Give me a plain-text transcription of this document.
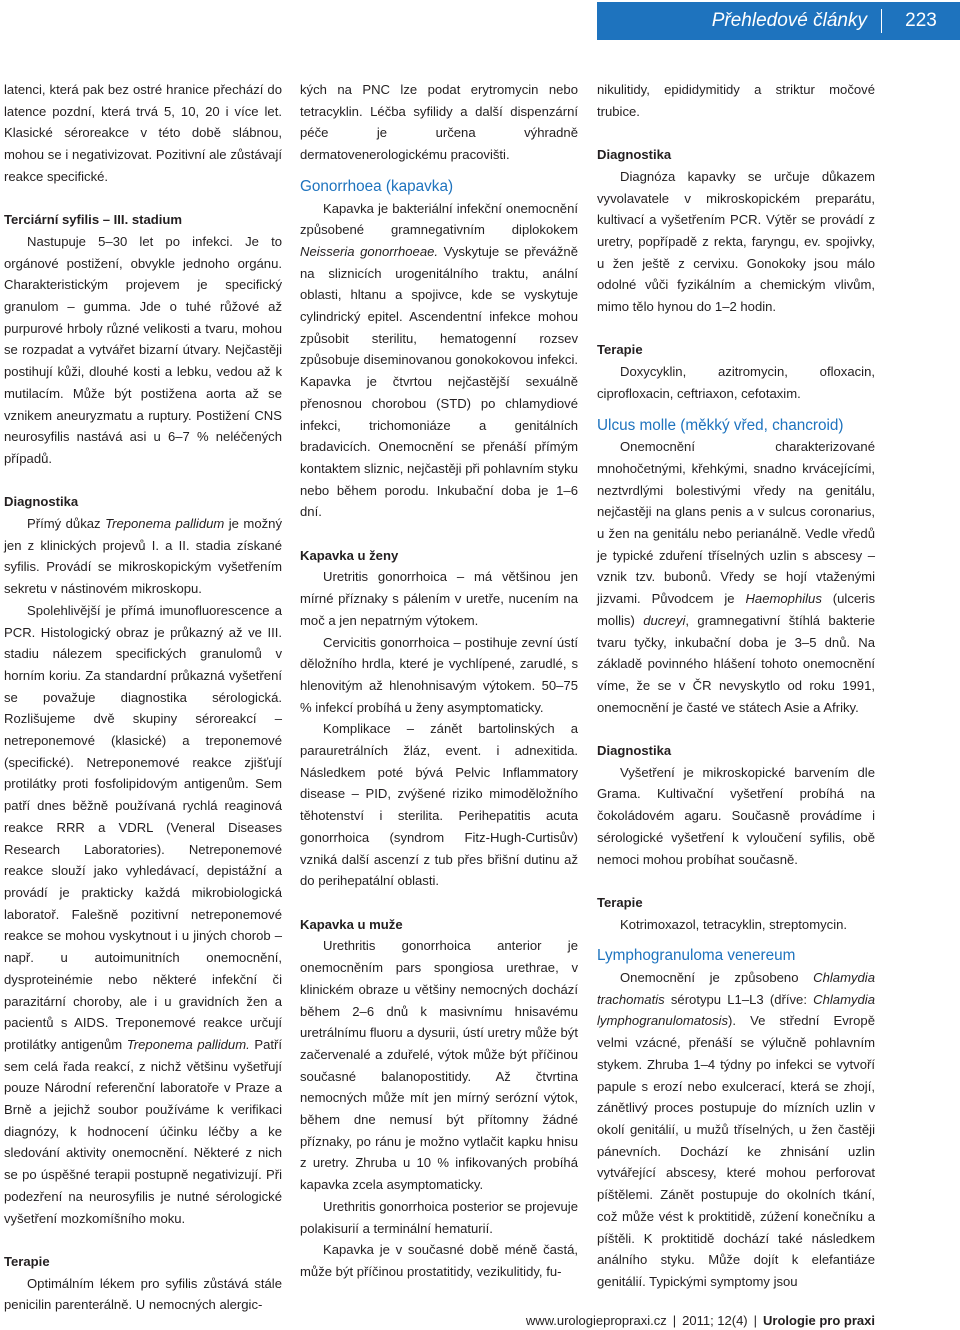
Přehledové články	223

latenci, která pak bez ostré hranice přechází do latence pozdní, která trvá 5, 10, 20 i více let. Klasické séroreakce v této době slábnou, mohou se i negativizovat. Pozitivní ale zůstávají reakce specifické.

Terciární syfilis – III. stadium

Nastupuje 5–30 let po infekci. Je to orgánové postižení, obvykle jednoho orgánu. Charakteristickým projevem je specifický granulom – gumma. Jde o tuhé růžové až purpurové hrboly různé velikosti a tvaru, mohou se rozpadat a vytvářet bizarní útvary. Nejčastěji postihují kůži, dlouhé kosti a lebku, vedou až k mutilacím. Může být postižena aorta až se vznikem aneuryzmatu a ruptury. Postižení CNS neurosyfilis nastává asi u 6–7 % neléčených případů.

Diagnostika

Přímý důkaz Treponema pallidum je možný jen z klinických projevů I. a II. stadia získané syfilis. Provádí se mikroskopickým vyšetřením sekretu v nástinovém mikroskopu.

Spolehlivější je přímá imunofluorescence a PCR. Histologický obraz je průkazný až ve III. stadiu nálezem specifických granulomů v horním koriu. Za standardní průkazná vyšetření se považuje diagnostika sérologická. Rozlišujeme dvě skupiny séroreakcí – netreponemové (klasické) a treponemové (specifické). Netreponemové reakce zjišťují protilátky proti fosfolipidovým antigenům. Sem patří dnes běžně používaná rychlá reaginová reakce RRR a VDRL (Veneral Diseases Research Laboratories). Netreponemové reakce slouží jako vyhledávací, depistážní a provádí je prakticky každá mikrobiologická laboratoř. Falešně pozitivní netreponemové reakce se mohou vyskytnout i u jiných chorob – např. u autoimunitních onemocnění, dysproteinémie nebo některé infekční či parazitární choroby, ale i u gravidních žen a pacientů s AIDS. Treponemové reakce určují protilátky antigenům Treponema pallidum. Patří sem celá řada reakcí, z nichž většinu vyšetřují pouze Národní referenční laboratoře v Praze a Brně a jejichž soubor používáme k verifikaci diagnózy, k hodnocení účinku léčby a ke sledování aktivity onemocnění. Některé z nich se po úspěšné terapii postupně negativizují. Při podezření na neurosyfilis je nutné sérologické vyšetření mozkomíšního moku.

Terapie

Optimálním lékem pro syfilis zůstává stále penicilin parenterálně. U nemocných alergic-

kých na PNC lze podat erytromycin nebo tetracyklin. Léčba syfilidy a další dispenzární péče je určena výhradně dermatovenerologickému pracovišti.

Gonorrhoea (kapavka)

Kapavka je bakteriální infekční onemocnění způsobené gramnegativním diplokokem Neisseria gonorrhoeae. Vyskytuje se převážně na sliznicích urogenitálního traktu, anální oblasti, hltanu a spojivce, kde se vyskytuje cylindrický epitel. Ascendentní infekce mohou způsobit sterilitu, hematogenní rozsev způsobuje diseminovanou gonokokovou infekci. Kapavka je čtvrtou nejčastější sexuálně přenosnou chorobou (STD) po chlamydiové infekci, trichomoniáze a genitálních bradavicích. Onemocnění se přenáší přímým kontaktem sliznic, nejčastěji při pohlavním styku nebo během porodu. Inkubační doba je 1–6 dní.

Kapavka u ženy

Uretritis gonorrhoica – má většinou jen mírné příznaky s pálením v uretře, nucením na moč a jen nepatrným výtokem.

Cervicitis gonorrhoica – postihuje zevní ústí děložního hrdla, které je vychlípené, zarudlé, s hlenovitým až hlenohnisavým výtokem. 50–75 % infekcí probíhá u ženy asymptomaticky.

Komplikace – zánět bartolinských a parauretrálních žláz, event. i adnexitida. Následkem poté bývá Pelvic Inflammatory disease – PID, zvýšené riziko mimoděložního těhotenství i sterilita. Perihepatitis acuta gonorrhoica (syndrom Fitz-Hugh-Curtisův) vzniká další ascenzí z tub přes břišní dutinu až do perihepatální oblasti.

Kapavka u muže

Urethritis gonorrhoica anterior je onemocněním pars spongiosa urethrae, v klinickém obraze u většiny nemocných dochází během 2–6 dnů k masivnímu hnisavému uretrálnímu fluoru a dysurii, ústí uretry může být začervenalé a zduřelé, výtok může být příčinou současné balanopostitidy. Až čtvrtina nemocných může mít jen mírný serózní výtok, během dne nemusí být přítomny žádné příznaky, po ránu je možno vytlačit kapku hnisu z uretry. Zhruba u 10 % infikovaných probíhá kapavka zcela asymptomaticky.

Urethritis gonorrhoica posterior se projevuje polakisurií a terminální hematurií.

Kapavka je v současné době méně častá, může být příčinou prostatitidy, vezikulitidy, fu-

nikulitidy, epididymitidy a striktur močové trubice.

Diagnostika

Diagnóza kapavky se určuje důkazem vyvolavatele v mikroskopickém preparátu, kultivací a vyšetřením PCR. Výtěr se provádí z uretry, popřípadě z rekta, faryngu, ev. spojivky, u žen ještě z cervixu. Gonokoky jsou málo odolné vůči fyzikálním a chemickým vlivům, mimo tělo hynou do 1–2 hodin.

Terapie

Doxycyklin, azitromycin, ofloxacin, ciprofloxacin, ceftriaxon, cefotaxim.

Ulcus molle (měkký vřed, chancroid)

Onemocnění charakterizované mnohočetnými, křehkými, snadno krvácejícími, neztvrdlými bolestivými vředy na genitálu, nejčastěji na glans penis a v sulcus coronarius, u žen na genitálu nebo perianálně. Vedle vředů je typické zduření tříselných uzlin s abscesy – vznik tzv. bubonů. Vředy se hojí vtaženými jizvami. Původcem je Haemophilus (ulceris mollis) ducreyi, gramnegativní štíhlá bakterie tvaru tyčky, inkubační doba je 3–5 dnů. Na základě povinného hlášení tohoto onemocnění víme, že se v ČR nevyskytlo od roku 1991, onemocnění je časté ve státech Asie a Afriky.

Diagnostika

Vyšetření je mikroskopické barvením dle Grama. Kultivační vyšetření probíhá na čokoládovém agaru. Současně provádíme i sérologické vyšetření k vyloučení syfilis, obě nemoci mohou probíhat současně.

Terapie

Kotrimoxazol, tetracyklin, streptomycin.

Lymphogranuloma venereum

Onemocnění je způsobeno Chlamydia trachomatis sérotypu L1–L3 (dříve: Chlamydia lymphogranulomatosis). Ve střední Evropě velmi vzácné, přenáší se výlučně pohlavním stykem. Zhruba 1–4 týdny po infekci se vytvoří papule s erozí nebo exulcerací, která se zhojí, zánětlivý proces postupuje do mízních uzlin v okolí genitálií, u mužů tříselných, u žen častěji pánevních. Dochází ke zhnisání uzlin vytvářející abscesy, které mohou perforovat píštělemi. Zánět postupuje do okolních tkání, což může vést k proktitidě, zúžení konečníku a píštěli. K proktitidě dochází také následkem análního styku. Může dojít k elefantiáze genitálií. Typickými symptomy jsou

www.urologiepropraxi.cz | 2011; 12(4) | Urologie pro praxi
